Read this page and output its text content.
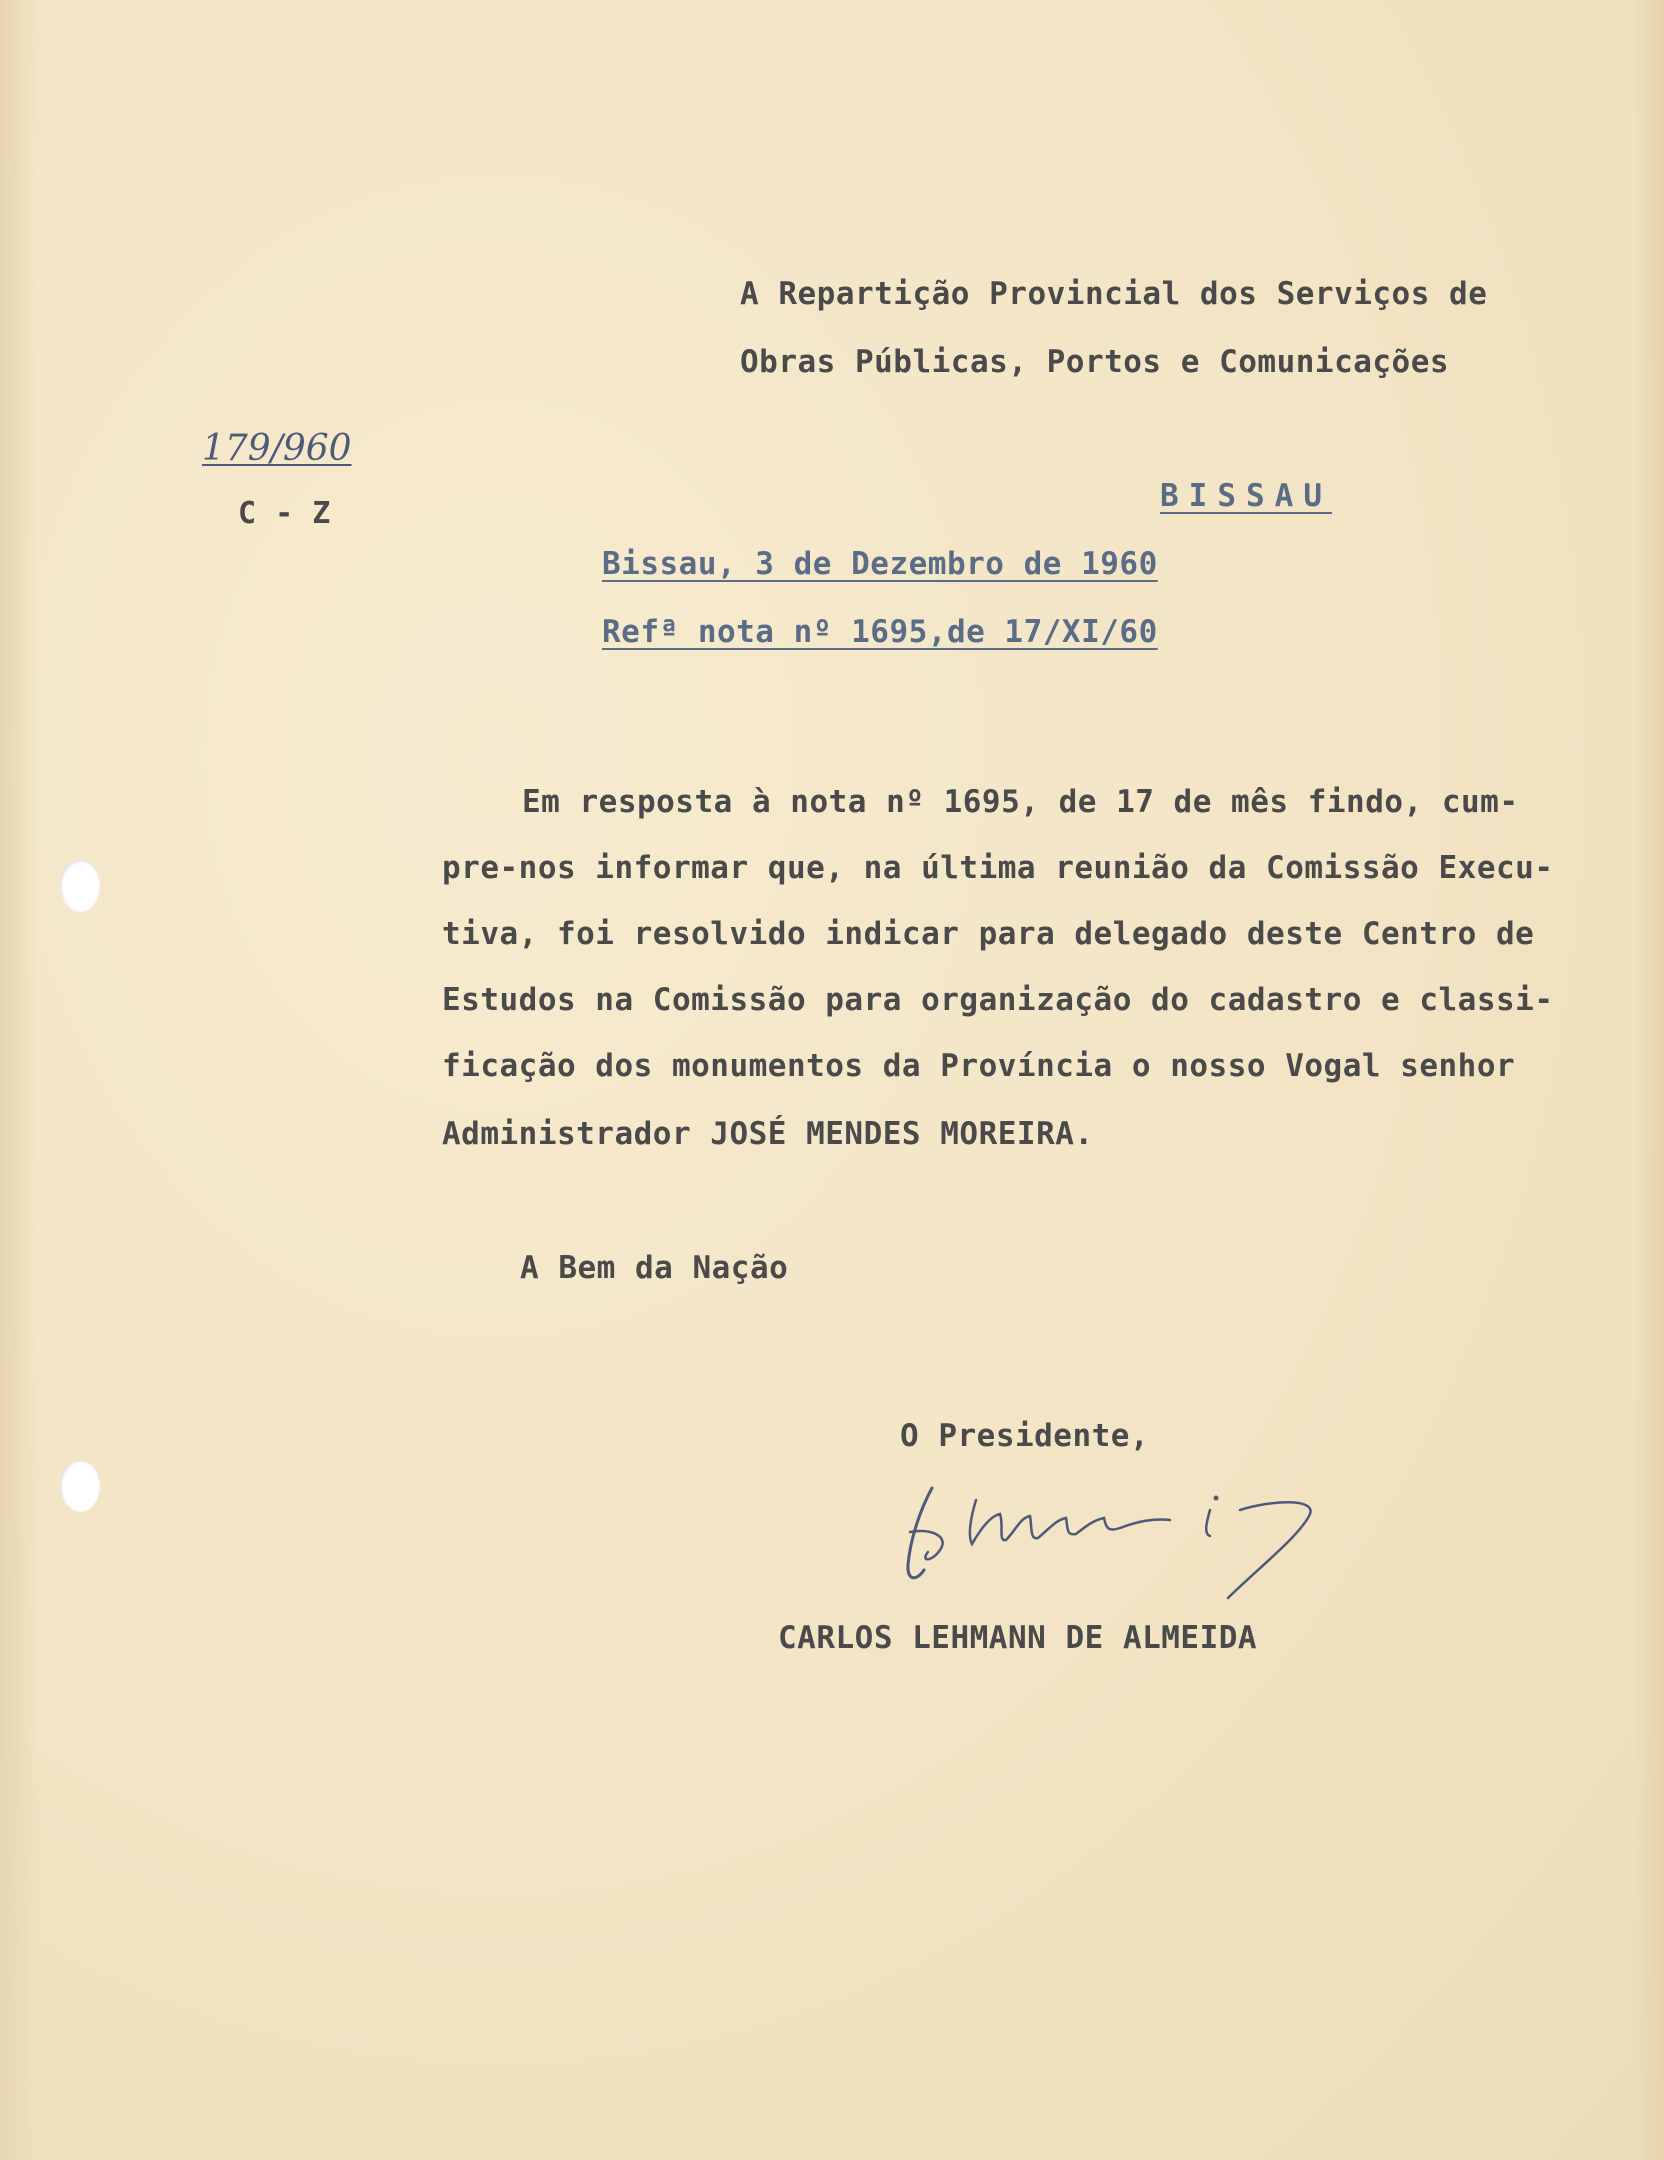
A Repartição Provincial dos Serviços de
Obras Públicas, Portos e Comunicações
179/960
C - Z	BISSAU
Bissau, 3 de Dezembro de 1960
Refª nota nº 1695,de 17/XI/60
Em resposta à nota nº 1695, de 17 de mês findo, cum-
pre-nos informar que, na última reunião da Comissão Execu-
tiva, foi resolvido indicar para delegado deste Centro de
Estudos na Comissão para organização do cadastro e classi-
ficação dos monumentos da Província o nosso Vogal senhor
Administrador JOSÉ MENDES MOREIRA.
A Bem da Nação
O Presidente,
CARLOS LEHMANN DE ALMEIDA
